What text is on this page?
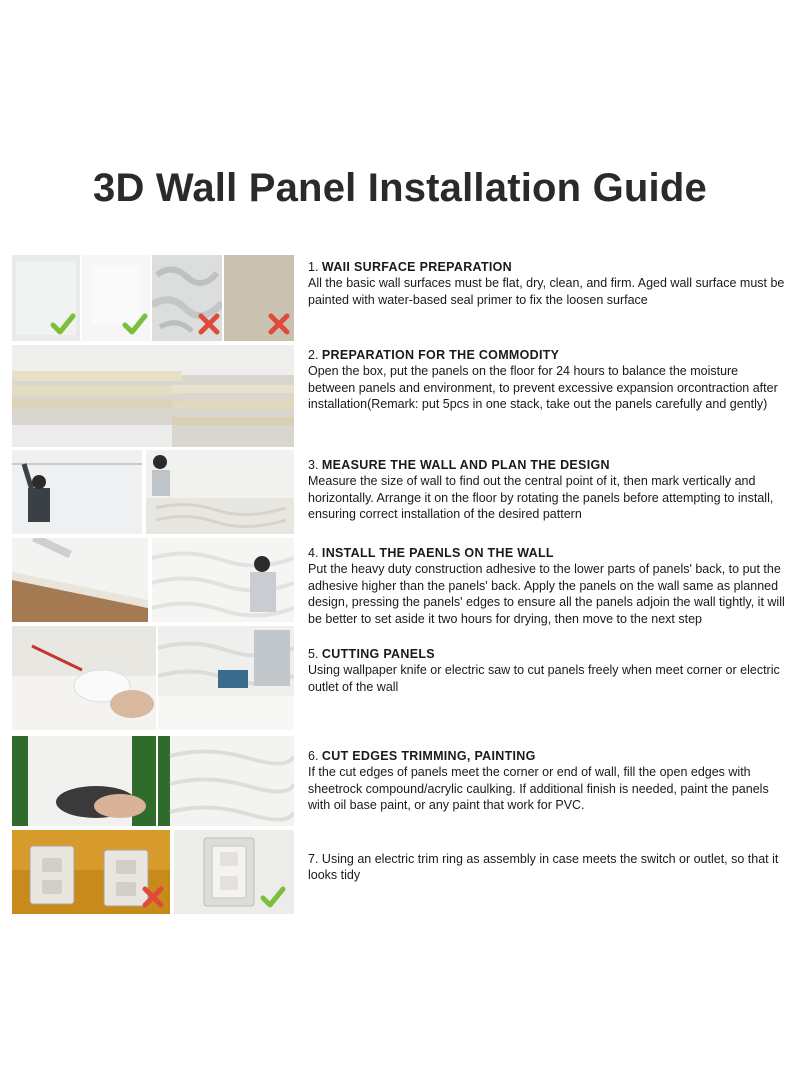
3D Wall Panel Installation Guide
1. WAII SURFACE PREPARATION
All the basic wall surfaces must be flat, dry, clean, and firm. Aged wall surface must be painted with water-based seal primer to fix the loosen surface
2. PREPARATION FOR THE COMMODITY
Open the box, put the panels on the floor for 24 hours to balance the moisture between panels and environment, to prevent excessive expansion orcontraction after installation(Remark: put 5pcs in one stack, take out the panels carefully and gently)
3. MEASURE THE WALL AND PLAN THE DESIGN
Measure the size of wall to find out the central point of it, then mark vertically and horizontally. Arrange it on the floor by rotating the panels before attempting to install, ensuring correct installation of the desired pattern
4. INSTALL THE PAENLS ON THE WALL
Put the heavy duty construction adhesive to the lower parts of panels' back, to put the adhesive higher than the panels' back. Apply the panels on the wall same as planned design, pressing the panels' edges to ensure all the panels adjoin the wall tightly, it will be better to set aside it two hours for drying, then move to the next step
5. CUTTING PANELS
Using wallpaper knife or electric saw to cut panels freely when meet corner or electric outlet of the wall
6. CUT EDGES TRIMMING, PAINTING
If the cut edges of panels meet the corner or end of wall, fill the open edges with sheetrock compound/acrylic caulking. If additional finish is needed, paint the panels with oil base paint, or any paint that work for PVC.
7. Using an electric trim ring as assembly in case meets the switch or outlet, so that it looks tidy
